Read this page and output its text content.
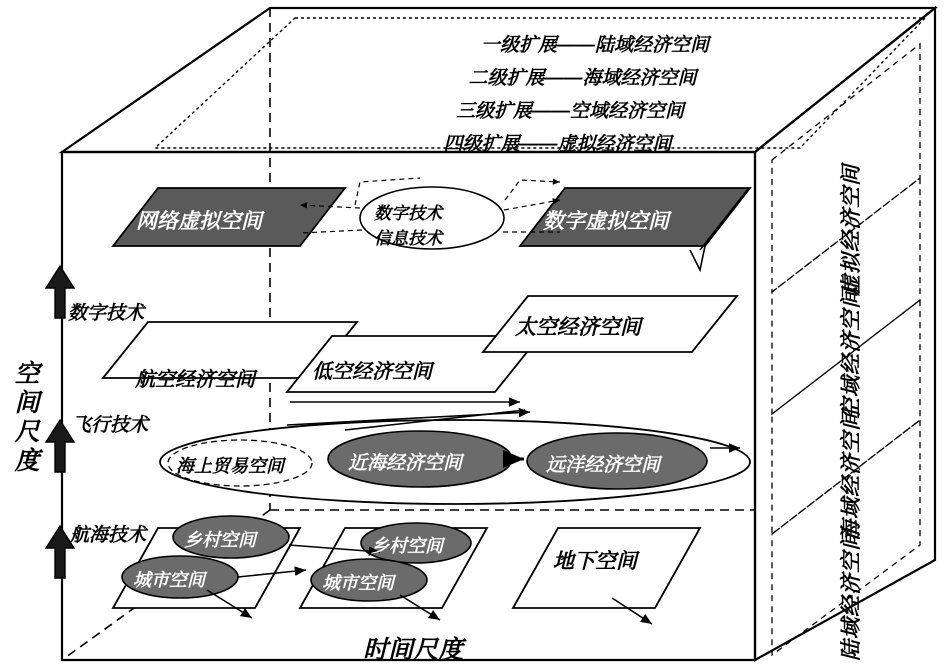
一级扩展——陆域经济空间
二级扩展——海域经济空间
三级扩展——空域经济空间
四级扩展——虚拟经济空间
虚拟经济空间
空域经济空间
海域经济空间
陆域经济空间
网络虚拟空间	数字虚拟空间
数字技术
信息技术
航空经济空间	低空经济空间
太空经济空间
海上贸易空间	近海经济空间	远洋经济空间
乡村空间
城市空间
乡村空间
城市空间
地下空间
数字技术
飞行技术
航海技术
空间尺度
时间尺度
